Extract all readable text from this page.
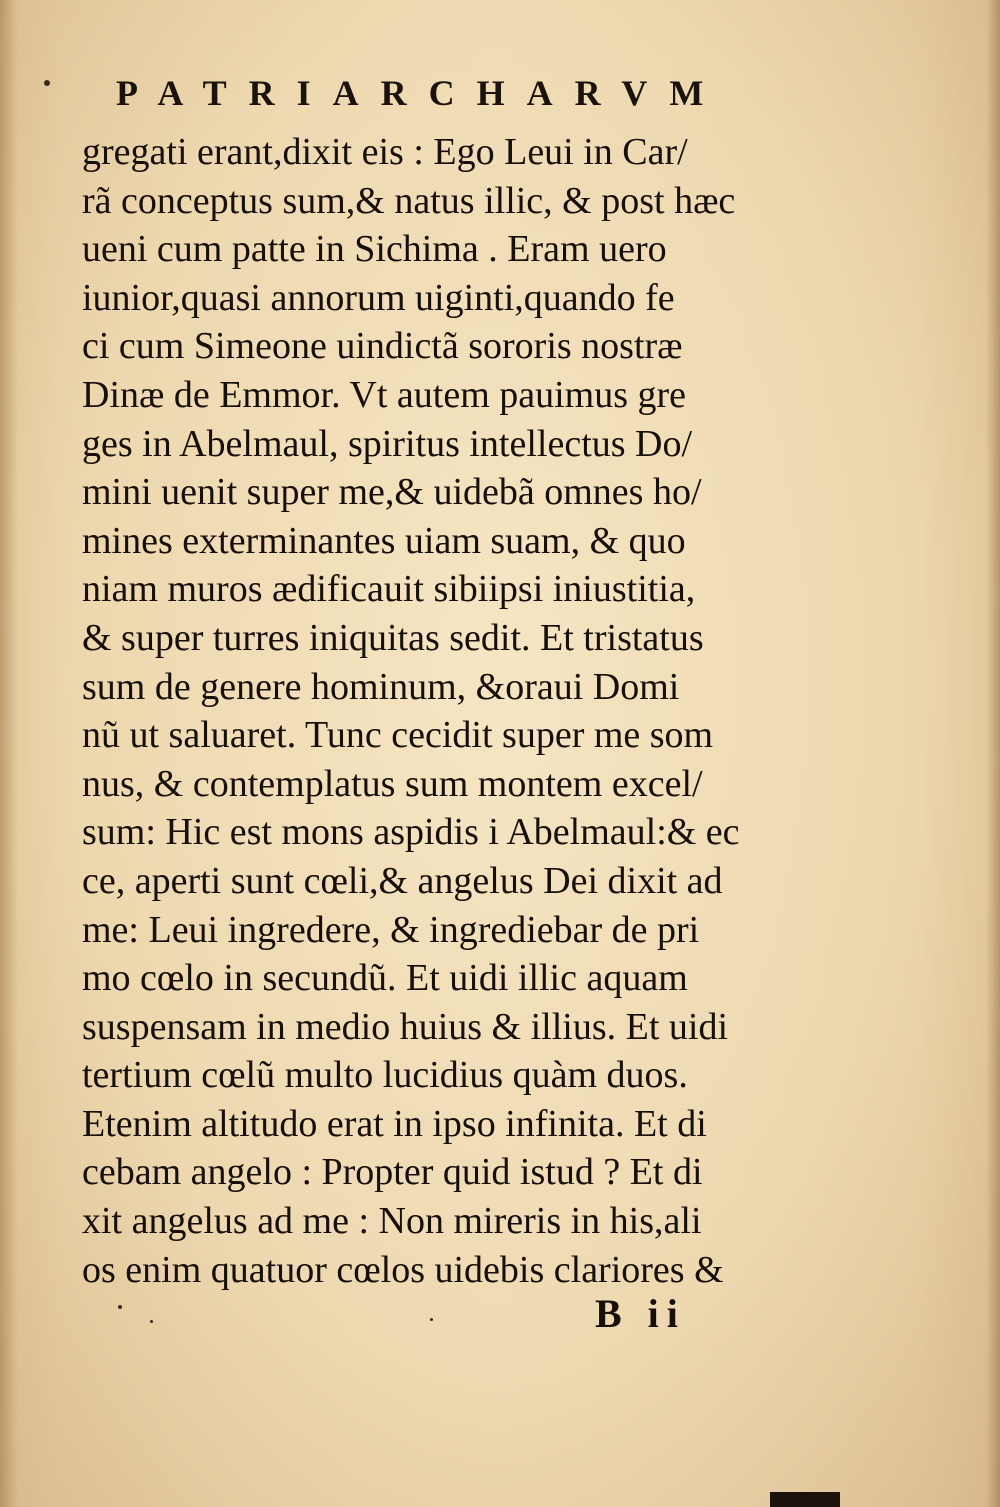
PATRIARCHARVM
gregati erant,dixit eis : Ego Leui in Car/
rã conceptus sum,& natus illic, & post hæc
ueni cum patte in Sichima . Eram uero
iunior,quasi annorum uiginti,quando fe
ci cum Simeone uindictã sororis nostræ
Dinæ de Emmor. Vt autem pauimus gre
ges in Abelmaul, spiritus intellectus Do/
mini uenit super me,& uidebã omnes ho/
mines exterminantes uiam suam, & quo
niam muros ædificauit sibiipsi iniustitia,
& super turres iniquitas sedit. Et tristatus
sum de genere hominum, &oraui Domi
nũ ut saluaret. Tunc cecidit super me som
nus, & contemplatus sum montem excel/
sum: Hic est mons aspidis i Abelmaul:& ec
ce, aperti sunt cœli,& angelus Dei dixit ad
me: Leui ingredere, & ingrediebar de pri
mo cœlo in secundũ. Et uidi illic aquam
suspensam in medio huius & illius. Et uidi
tertium cœlũ multo lucidius quàm duos.
Etenim altitudo erat in ipso infinita. Et di
cebam angelo : Propter quid istud ? Et di
xit angelus ad me : Non mireris in his,ali
os enim quatuor cœlos uidebis clariores &
B ii
